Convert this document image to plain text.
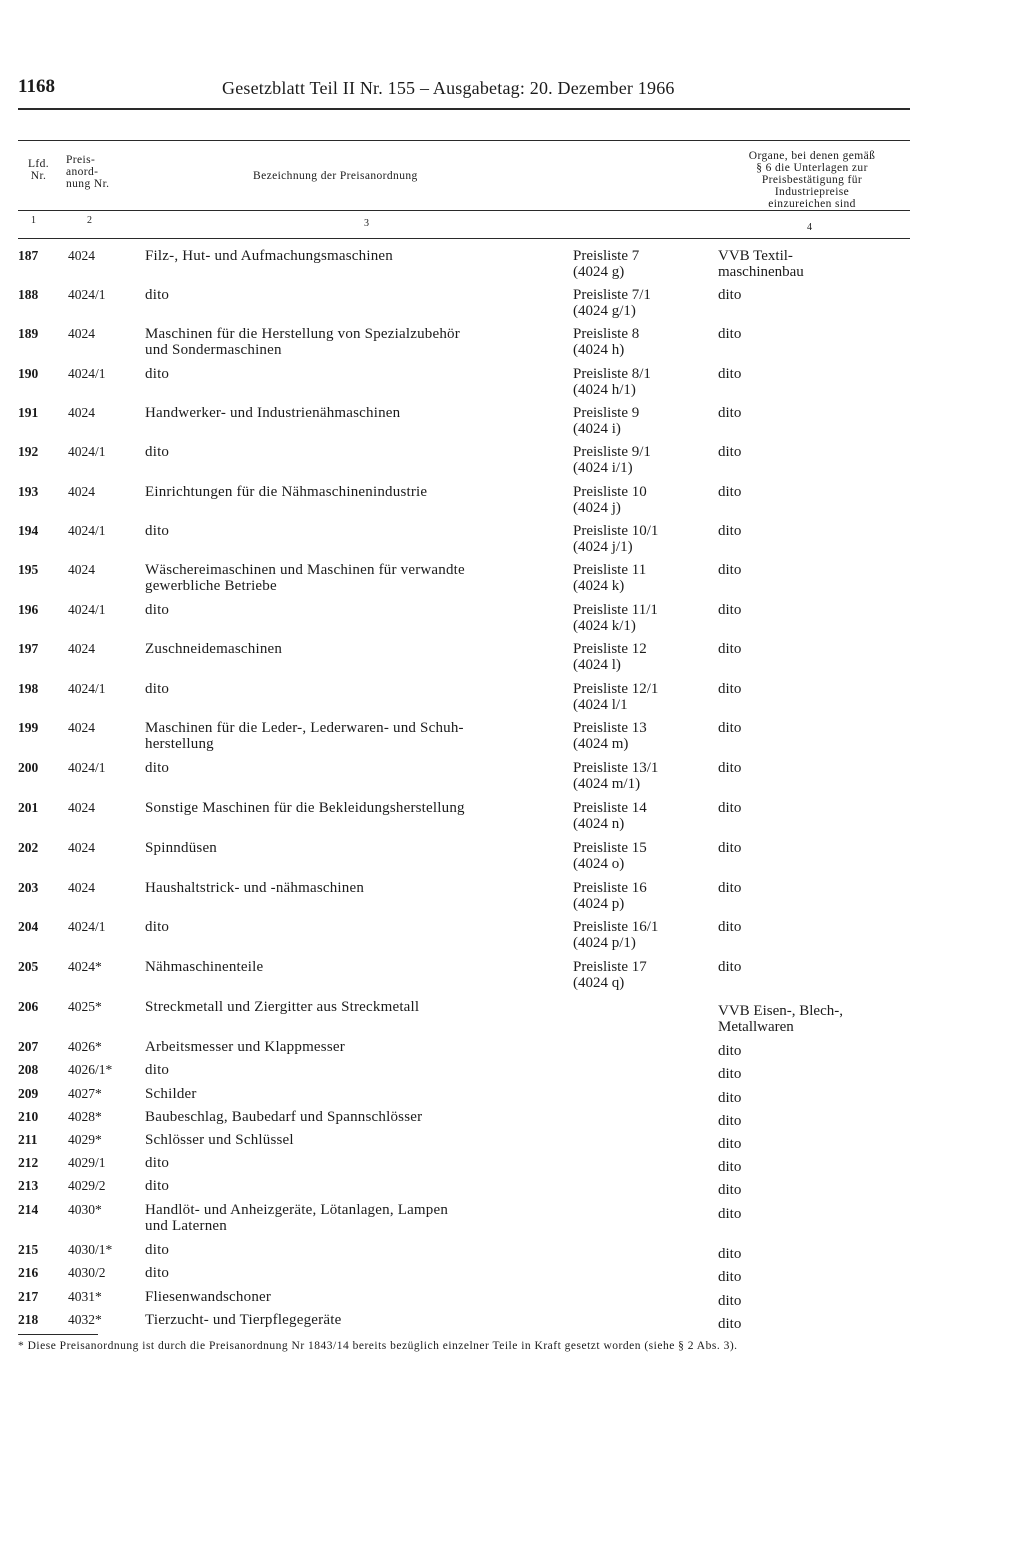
1168	Gesetzblatt Teil II Nr. 155 – Ausgabetag: 20. Dezember 1966
Lfd.
Nr.
Preis-
anord-
nung Nr.
Bezeichnung der Preisanordnung
Organe, bei denen gemäß
§ 6 die Unterlagen zur
Preisbestätigung für
Industriepreise
einzureichen sind
1	2	3	4
187 4024	Filz-, Hut- und Aufmachungsmaschinen	Preisliste 7
(4024 g)
VVB Textil-
maschinenbau
188 4024/1	dito	Preisliste 7/1
(4024 g/1)
dito
189 4024	Maschinen für die Herstellung von Spezialzubehör
und Sondermaschinen
Preisliste 8
(4024 h)
dito
190 4024/1	dito	Preisliste 8/1
(4024 h/1)
dito
191 4024	Handwerker- und Industrienähmaschinen	Preisliste 9
(4024 i)
dito
192 4024/1	dito	Preisliste 9/1
(4024 i/1)
dito
193 4024	Einrichtungen für die Nähmaschinenindustrie	Preisliste 10
(4024 j)
dito
194 4024/1	dito	Preisliste 10/1
(4024 j/1)
dito
195 4024	Wäschereimaschinen und Maschinen für verwandte
gewerbliche Betriebe
Preisliste 11
(4024 k)
dito
196 4024/1	dito	Preisliste 11/1
(4024 k/1)
dito
197 4024	Zuschneidemaschinen	Preisliste 12
(4024 l)
dito
198 4024/1	dito	Preisliste 12/1
(4024 l/1
dito
199 4024	Maschinen für die Leder-, Lederwaren- und Schuh-
herstellung
Preisliste 13
(4024 m)
dito
200 4024/1	dito	Preisliste 13/1
(4024 m/1)
dito
201 4024	Sonstige Maschinen für die Bekleidungsherstellung	Preisliste 14
(4024 n)
dito
202 4024	Spinndüsen	Preisliste 15
(4024 o)
dito
203 4024	Haushaltstrick- und -nähmaschinen	Preisliste 16
(4024 p)
dito
204 4024/1	dito	Preisliste 16/1
(4024 p/1)
dito
205 4024*	Nähmaschinenteile	Preisliste 17
(4024 q)
dito
206 4025*	Streckmetall und Ziergitter aus Streckmetall	VVB Eisen-, Blech-,
Metallwaren
207 4026*	Arbeitsmesser und Klappmesser	dito
208 4026/1* dito	dito
209 4027*	Schilder	dito
210 4028*	Baubeschlag, Baubedarf und Spannschlösser	dito
211 4029*	Schlösser und Schlüssel	dito
212 4029/1	dito	dito
213 4029/2	dito	dito
214 4030*	Handlöt- und Anheizgeräte, Lötanlagen, Lampen
und Laternen
dito
215 4030/1* dito	dito
216 4030/2	dito	dito
217 4031*	Fliesenwandschoner	dito
218 4032*	Tierzucht- und Tierpflegegeräte	dito
* Diese Preisanordnung ist durch die Preisanordnung Nr 1843/14 bereits bezüglich einzelner Teile in Kraft gesetzt worden (siehe § 2 Abs. 3).
